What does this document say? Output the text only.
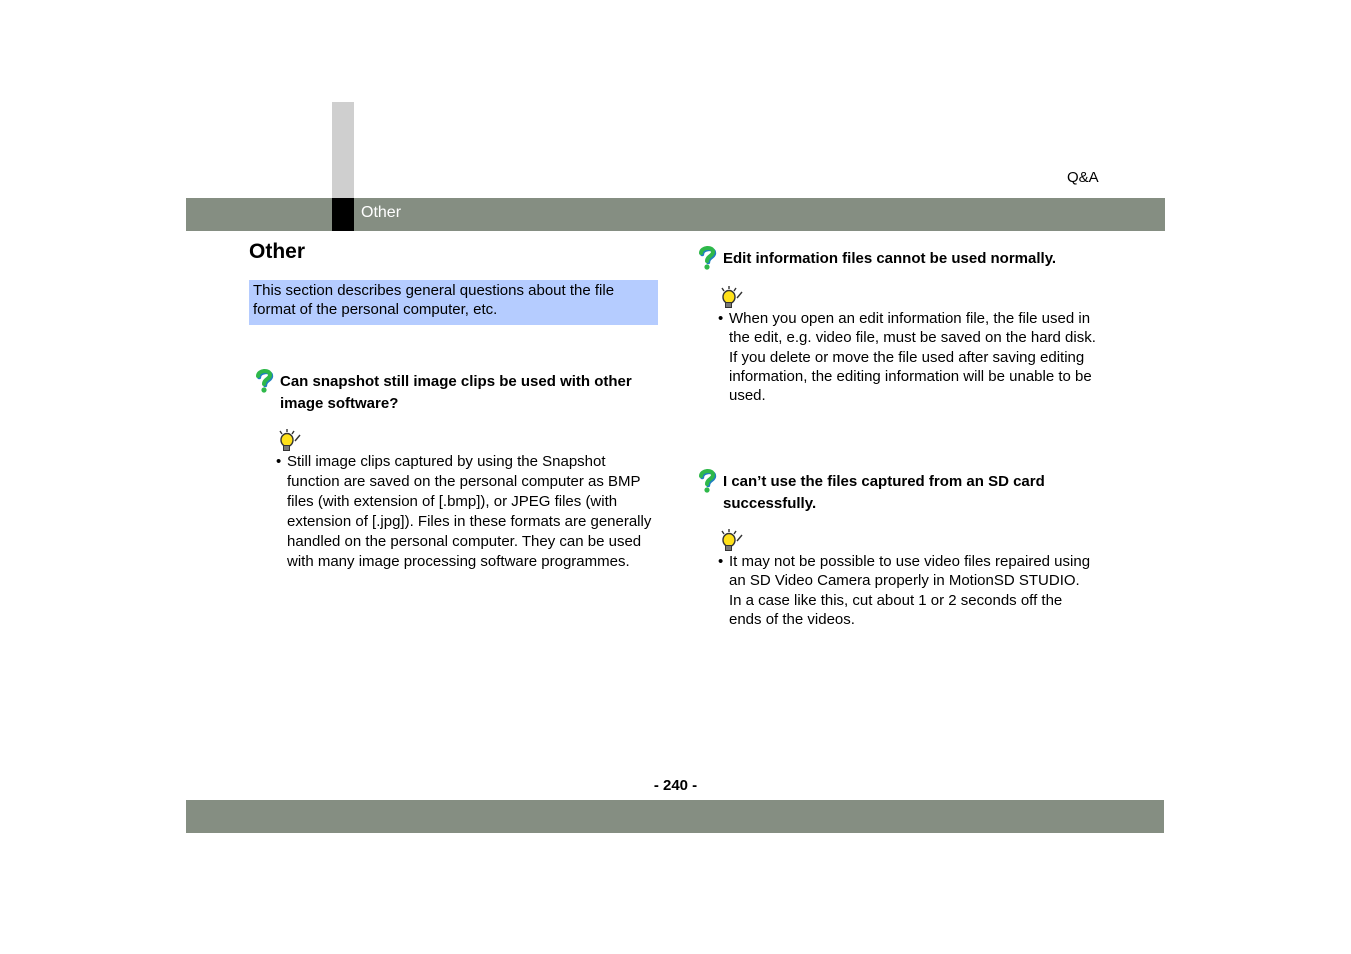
Q&A
Other
Other
This section describes general questions about the file format of the personal computer, etc.
Can snapshot still image clips be used with other
image software?
• Still image clips captured by using the Snapshot function are saved on the personal computer as BMP files (with extension of [.bmp]), or JPEG files (with extension of [.jpg]). Files in these formats are generally handled on the personal computer. They can be used with many image processing software programmes.
Edit information files cannot be used normally.
• When you open an edit information file, the file used in the edit, e.g. video file, must be saved on the hard disk.
If you delete or move the file used after saving editing information, the editing information will be unable to be used.
I can’t use the files captured from an SD card
successfully.
• It may not be possible to use video files repaired using an SD Video Camera properly in MotionSD STUDIO.
In a case like this, cut about 1 or 2 seconds off the ends of the videos.
- 240 -
